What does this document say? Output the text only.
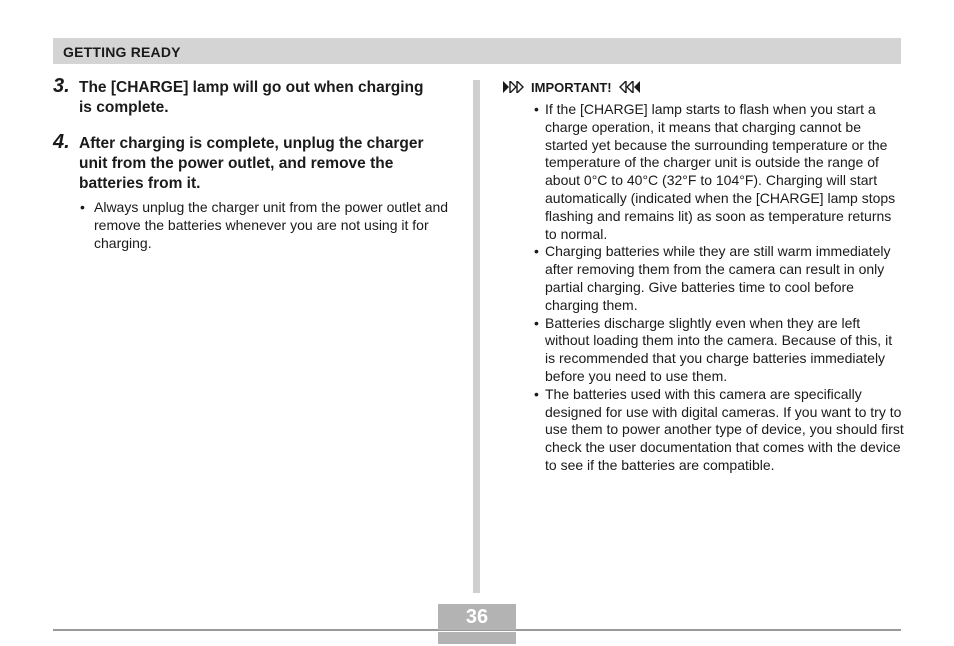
GETTING READY
3. The [CHARGE] lamp will go out when charging is complete.
4. After charging is complete, unplug the charger unit from the power outlet, and remove the batteries from it.
• Always unplug the charger unit from the power outlet and remove the batteries whenever you are not using it for charging.
IMPORTANT!
• If the [CHARGE] lamp starts to flash when you start a charge operation, it means that charging cannot be started yet because the surrounding temperature or the temperature of the charger unit is outside the range of about 0°C to 40°C (32°F to 104°F). Charging will start automatically (indicated when the [CHARGE] lamp stops flashing and remains lit) as soon as temperature returns to normal.
• Charging batteries while they are still warm immediately after removing them from the camera can result in only partial charging. Give batteries time to cool before charging them.
• Batteries discharge slightly even when they are left without loading them into the camera. Because of this, it is recommended that you charge batteries immediately before you need to use them.
• The batteries used with this camera are specifically designed for use with digital cameras. If you want to try to use them to power another type of device, you should first check the user documentation that comes with the device to see if the batteries are compatible.
36
